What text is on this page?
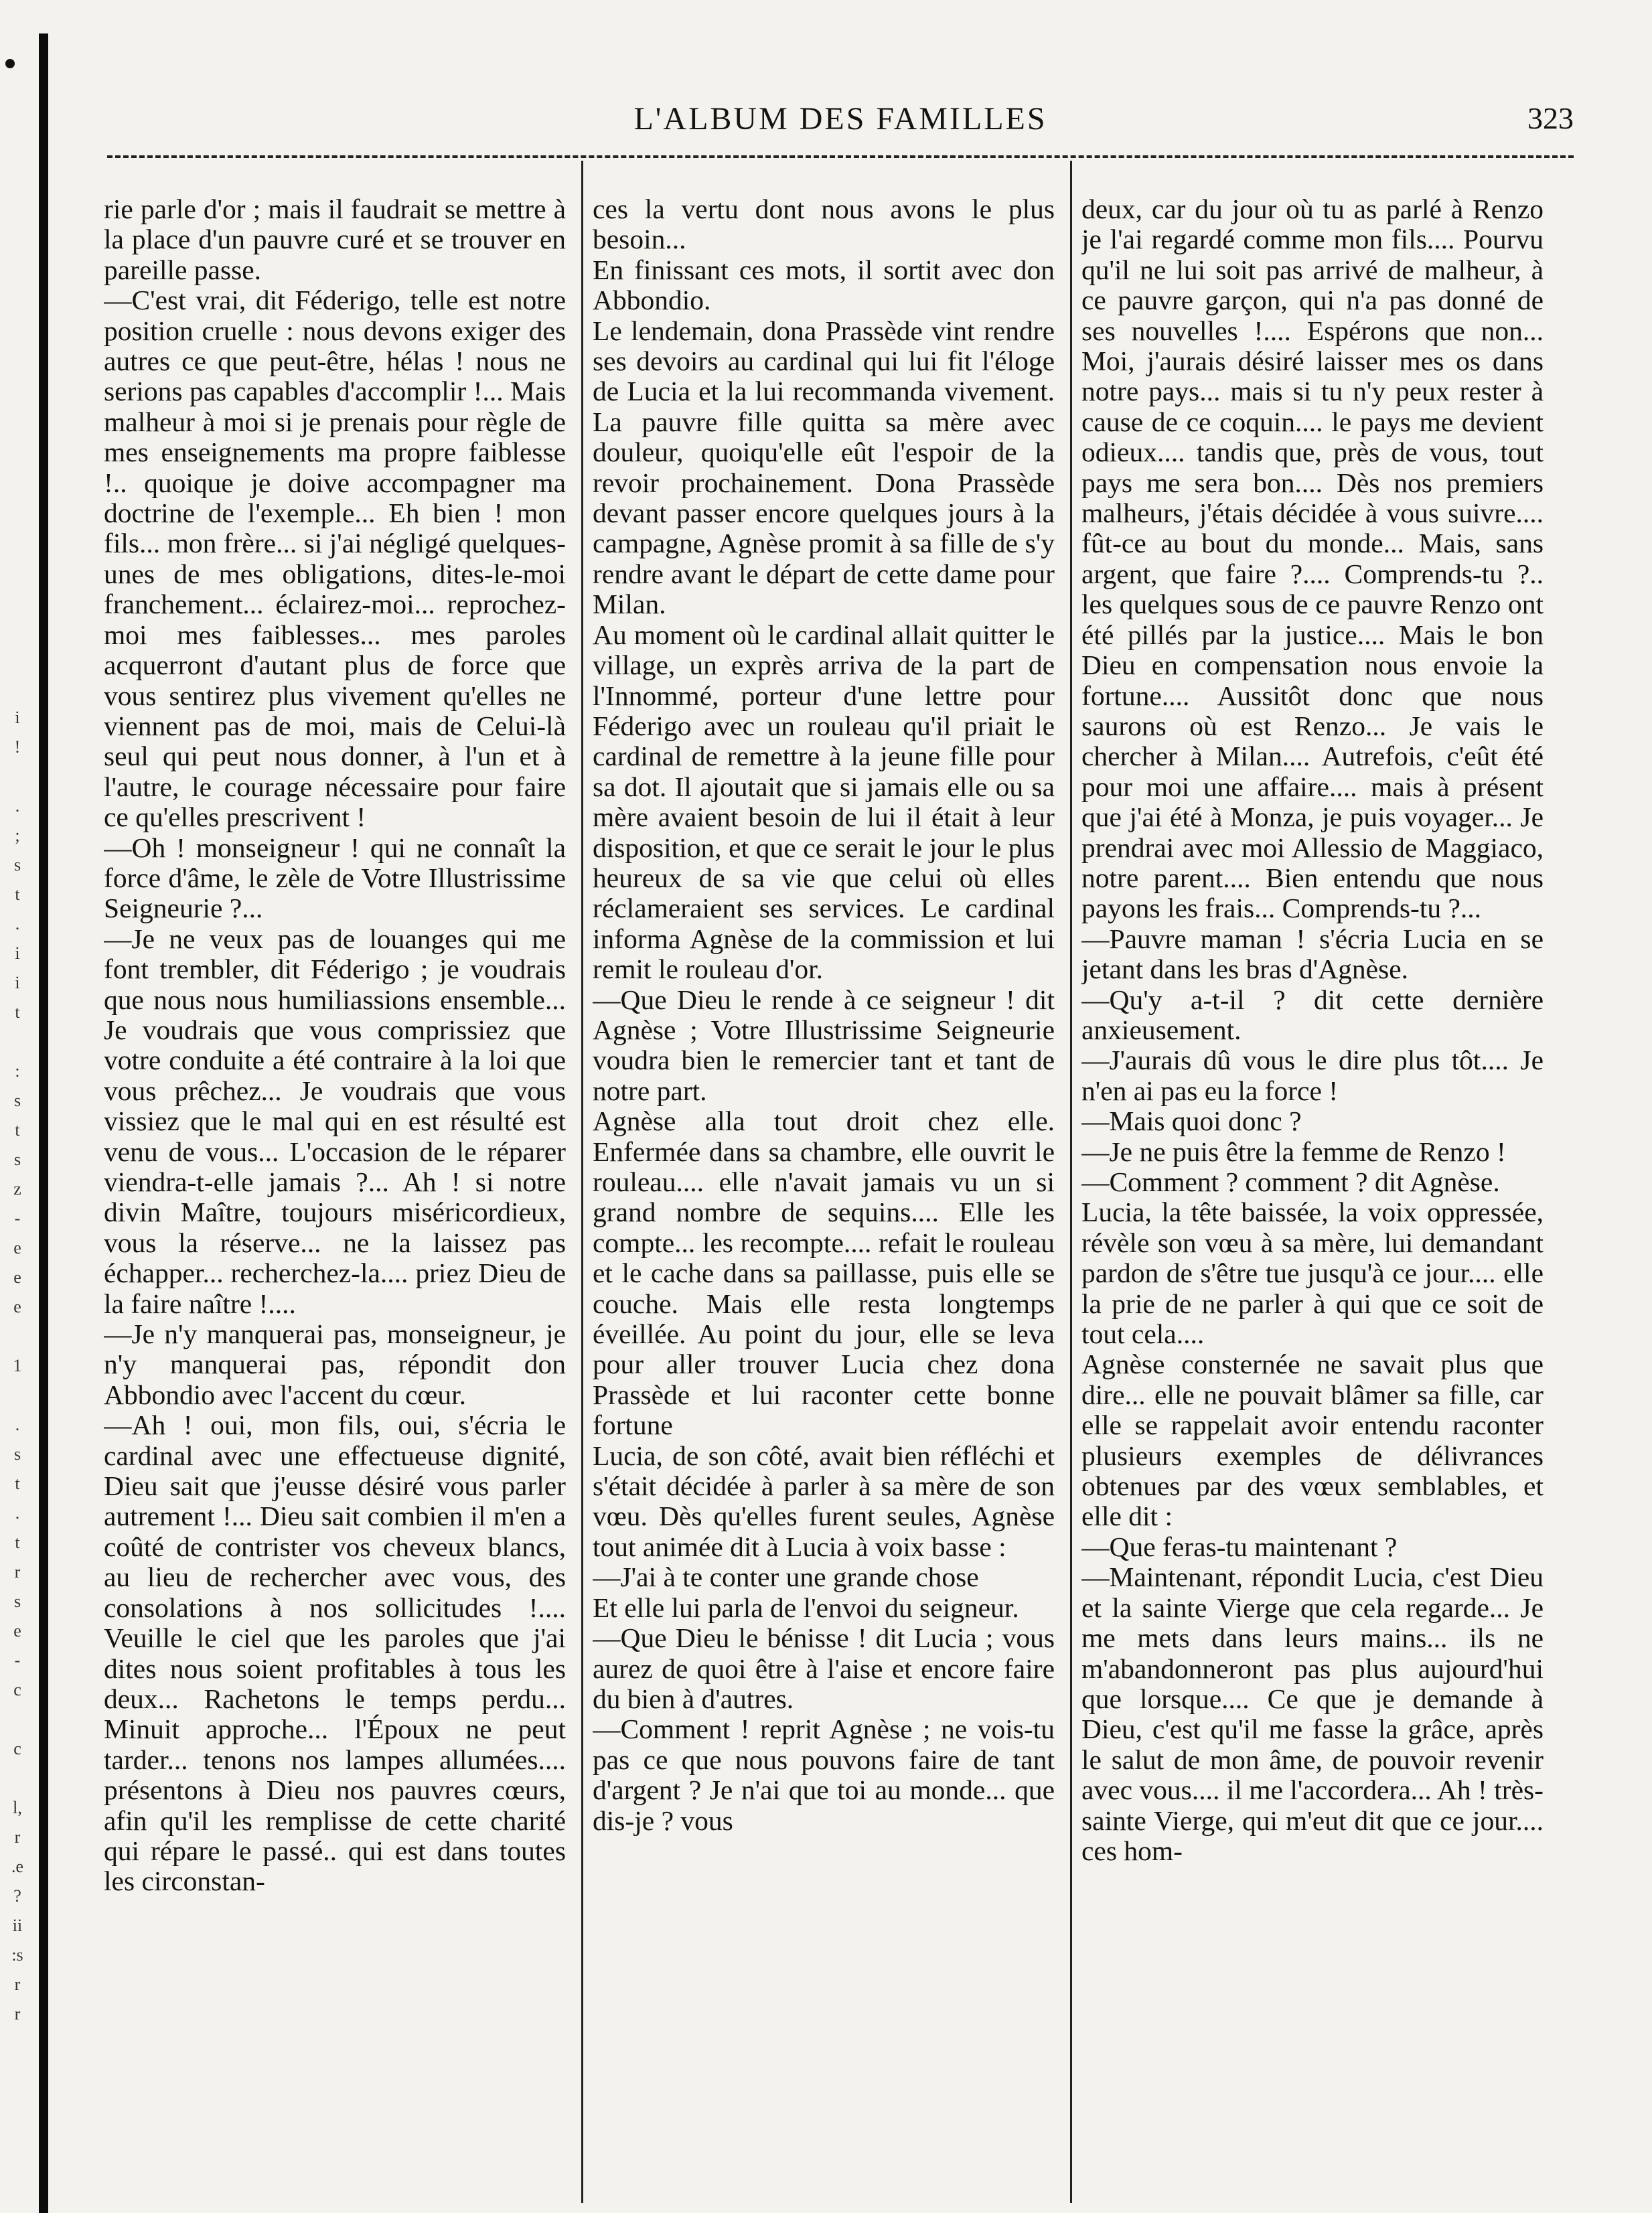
i
!

.
;
s
t
.
i
i
t

:
s
t
s
z
-
e
e
e

1

.
s
t
.
t
r
s
e
-
c

c

l,
r
.e
?
ii
:s
r
r
L'ALBUM DES FAMILLES	323

rie parle d'or ; mais il faudrait se mettre à la place d'un pauvre curé et se trouver en pareille passe.

—C'est vrai, dit Féderigo, telle est notre position cruelle : nous devons exiger des autres ce que peut-être, hélas ! nous ne serions pas capables d'accomplir !... Mais malheur à moi si je prenais pour règle de mes enseignements ma propre faiblesse !.. quoique je doive accompagner ma doctrine de l'exemple... Eh bien ! mon fils... mon frère... si j'ai négligé quelques-unes de mes obligations, dites-le-moi franchement... éclairez-moi... reprochez-moi mes faiblesses... mes paroles acquerront d'autant plus de force que vous sentirez plus vivement qu'elles ne viennent pas de moi, mais de Celui-là seul qui peut nous donner, à l'un et à l'autre, le courage nécessaire pour faire ce qu'elles prescrivent !

—Oh ! monseigneur ! qui ne connaît la force d'âme, le zèle de Votre Illustrissime Seigneurie ?...

—Je ne veux pas de louanges qui me font trembler, dit Féderigo ; je voudrais que nous nous humiliassions ensemble... Je voudrais que vous comprissiez que votre conduite a été contraire à la loi que vous prêchez... Je voudrais que vous vissiez que le mal qui en est résulté est venu de vous... L'occasion de le réparer viendra-t-elle jamais ?... Ah ! si notre divin Maître, toujours miséricordieux, vous la réserve... ne la laissez pas échapper... recherchez-la.... priez Dieu de la faire naître !....

—Je n'y manquerai pas, monseigneur, je n'y manquerai pas, répondit don Abbondio avec l'accent du cœur.

—Ah ! oui, mon fils, oui, s'écria le cardinal avec une effectueuse dignité, Dieu sait que j'eusse désiré vous parler autrement !... Dieu sait combien il m'en a coûté de contrister vos cheveux blancs, au lieu de rechercher avec vous, des consolations à nos sollicitudes !.... Veuille le ciel que les paroles que j'ai dites nous soient profitables à tous les deux... Rachetons le temps perdu... Minuit approche... l'Époux ne peut tarder... tenons nos lampes allumées.... présentons à Dieu nos pauvres cœurs, afin qu'il les remplisse de cette charité qui répare le passé.. qui est dans toutes les circonstan-

ces la vertu dont nous avons le plus besoin...

En finissant ces mots, il sortit avec don Abbondio.

Le lendemain, dona Prassède vint rendre ses devoirs au cardinal qui lui fit l'éloge de Lucia et la lui recommanda vivement. La pauvre fille quitta sa mère avec douleur, quoiqu'elle eût l'espoir de la revoir prochainement. Dona Prassède devant passer encore quelques jours à la campagne, Agnèse promit à sa fille de s'y rendre avant le départ de cette dame pour Milan.

Au moment où le cardinal allait quitter le village, un exprès arriva de la part de l'Innommé, porteur d'une lettre pour Féderigo avec un rouleau qu'il priait le cardinal de remettre à la jeune fille pour sa dot. Il ajoutait que si jamais elle ou sa mère avaient besoin de lui il était à leur disposition, et que ce serait le jour le plus heureux de sa vie que celui où elles réclameraient ses services. Le cardinal informa Agnèse de la commission et lui remit le rouleau d'or.

—Que Dieu le rende à ce seigneur ! dit Agnèse ; Votre Illustrissime Seigneurie voudra bien le remercier tant et tant de notre part.

Agnèse alla tout droit chez elle. Enfermée dans sa chambre, elle ouvrit le rouleau.... elle n'avait jamais vu un si grand nombre de sequins.... Elle les compte... les recompte.... refait le rouleau et le cache dans sa paillasse, puis elle se couche. Mais elle resta longtemps éveillée. Au point du jour, elle se leva pour aller trouver Lucia chez dona Prassède et lui raconter cette bonne fortune

Lucia, de son côté, avait bien réfléchi et s'était décidée à parler à sa mère de son vœu. Dès qu'elles furent seules, Agnèse tout animée dit à Lucia à voix basse :

—J'ai à te conter une grande chose

Et elle lui parla de l'envoi du seigneur.

—Que Dieu le bénisse ! dit Lucia ; vous aurez de quoi être à l'aise et encore faire du bien à d'autres.

—Comment ! reprit Agnèse ; ne vois-tu pas ce que nous pouvons faire de tant d'argent ? Je n'ai que toi au monde... que dis-je ? vous

deux, car du jour où tu as parlé à Renzo je l'ai regardé comme mon fils.... Pourvu qu'il ne lui soit pas arrivé de malheur, à ce pauvre garçon, qui n'a pas donné de ses nouvelles !.... Espérons que non... Moi, j'aurais désiré laisser mes os dans notre pays... mais si tu n'y peux rester à cause de ce coquin.... le pays me devient odieux.... tandis que, près de vous, tout pays me sera bon.... Dès nos premiers malheurs, j'étais décidée à vous suivre.... fût-ce au bout du monde... Mais, sans argent, que faire ?.... Comprends-tu ?.. les quelques sous de ce pauvre Renzo ont été pillés par la justice.... Mais le bon Dieu en compensation nous envoie la fortune.... Aussitôt donc que nous saurons où est Renzo... Je vais le chercher à Milan.... Autrefois, c'eût été pour moi une affaire.... mais à présent que j'ai été à Monza, je puis voyager... Je prendrai avec moi Allessio de Maggiaco, notre parent.... Bien entendu que nous payons les frais... Comprends-tu ?...

—Pauvre maman ! s'écria Lucia en se jetant dans les bras d'Agnèse.

—Qu'y a-t-il ? dit cette dernière anxieusement.

—J'aurais dû vous le dire plus tôt.... Je n'en ai pas eu la force !

—Mais quoi donc ?

—Je ne puis être la femme de Renzo !

—Comment ? comment ? dit Agnèse.

Lucia, la tête baissée, la voix oppressée, révèle son vœu à sa mère, lui demandant pardon de s'être tue jusqu'à ce jour.... elle la prie de ne parler à qui que ce soit de tout cela....

Agnèse consternée ne savait plus que dire... elle ne pouvait blâmer sa fille, car elle se rappelait avoir entendu raconter plusieurs exemples de délivrances obtenues par des vœux semblables, et elle dit :

—Que feras-tu maintenant ?

—Maintenant, répondit Lucia, c'est Dieu et la sainte Vierge que cela regarde... Je me mets dans leurs mains... ils ne m'abandonneront pas plus aujourd'hui que lorsque.... Ce que je demande à Dieu, c'est qu'il me fasse la grâce, après le salut de mon âme, de pouvoir revenir avec vous.... il me l'accordera... Ah ! très-sainte Vierge, qui m'eut dit que ce jour.... ces hom-
